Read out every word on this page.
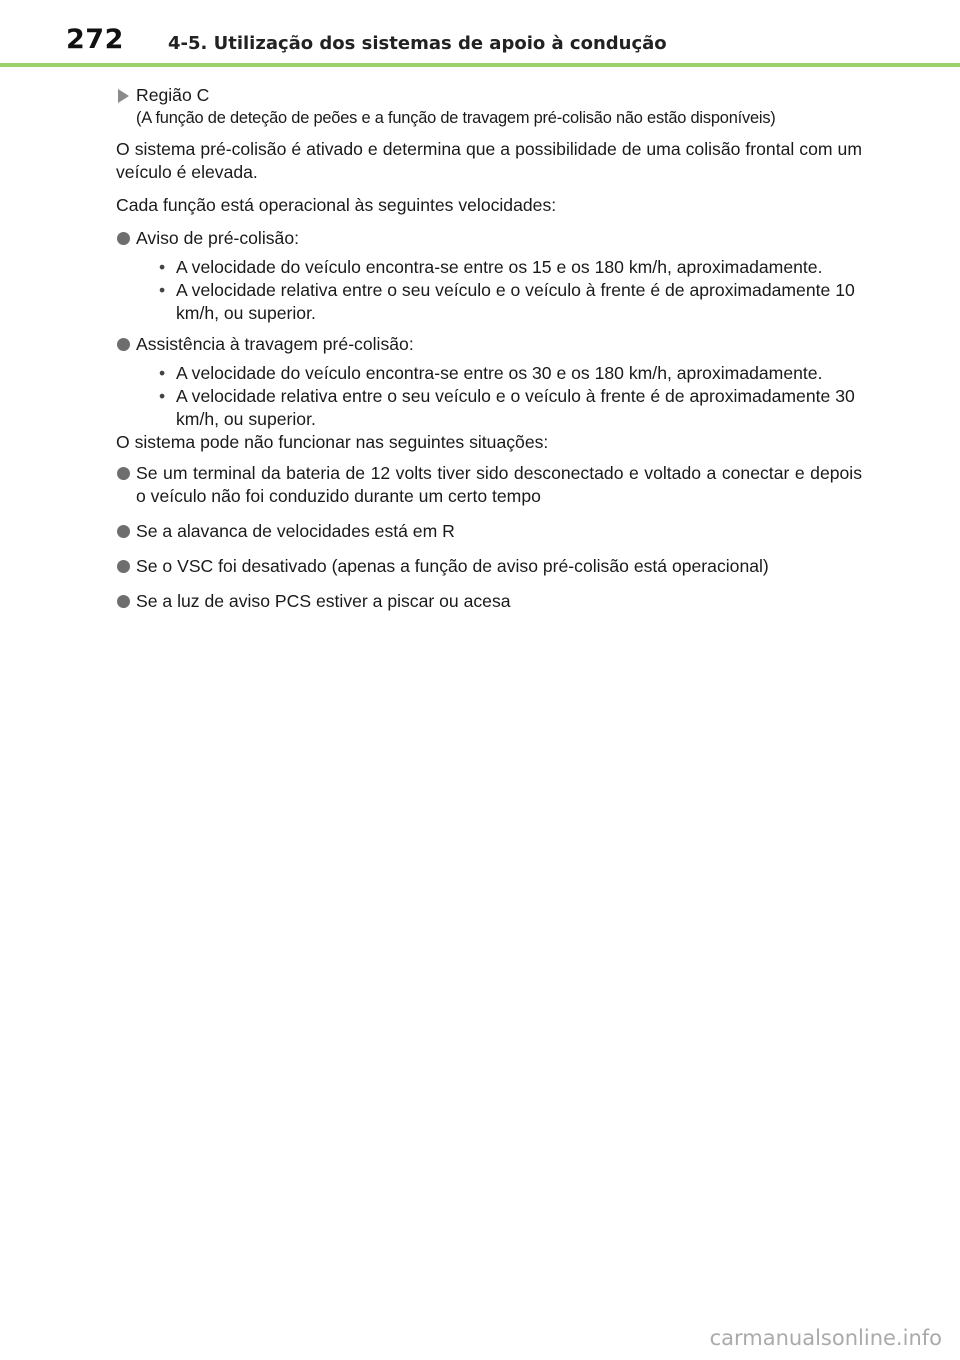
272 4-5. Utilização dos sistemas de apoio à condução
Região C
(A função de deteção de peões e a função de travagem pré-colisão não estão disponíveis)

O sistema pré-colisão é ativado e determina que a possibilidade de uma colisão frontal com um veículo é elevada.

Cada função está operacional às seguintes velocidades:

Aviso de pré-colisão:
• A velocidade do veículo encontra-se entre os 15 e os 180 km/h, aproximadamente.
• A velocidade relativa entre o seu veículo e o veículo à frente é de aproximadamente 10 km/h, ou superior.
Assistência à travagem pré-colisão:
• A velocidade do veículo encontra-se entre os 30 e os 180 km/h, aproximadamente.
• A velocidade relativa entre o seu veículo e o veículo à frente é de aproximadamente 30 km/h, ou superior.

O sistema pode não funcionar nas seguintes situações:

Se um terminal da bateria de 12 volts tiver sido desconectado e voltado a conectar e depois o veículo não foi conduzido durante um certo tempo
Se a alavanca de velocidades está em R
Se o VSC foi desativado (apenas a função de aviso pré-colisão está operacional)
Se a luz de aviso PCS estiver a piscar ou acesa
carmanualsonline.info
